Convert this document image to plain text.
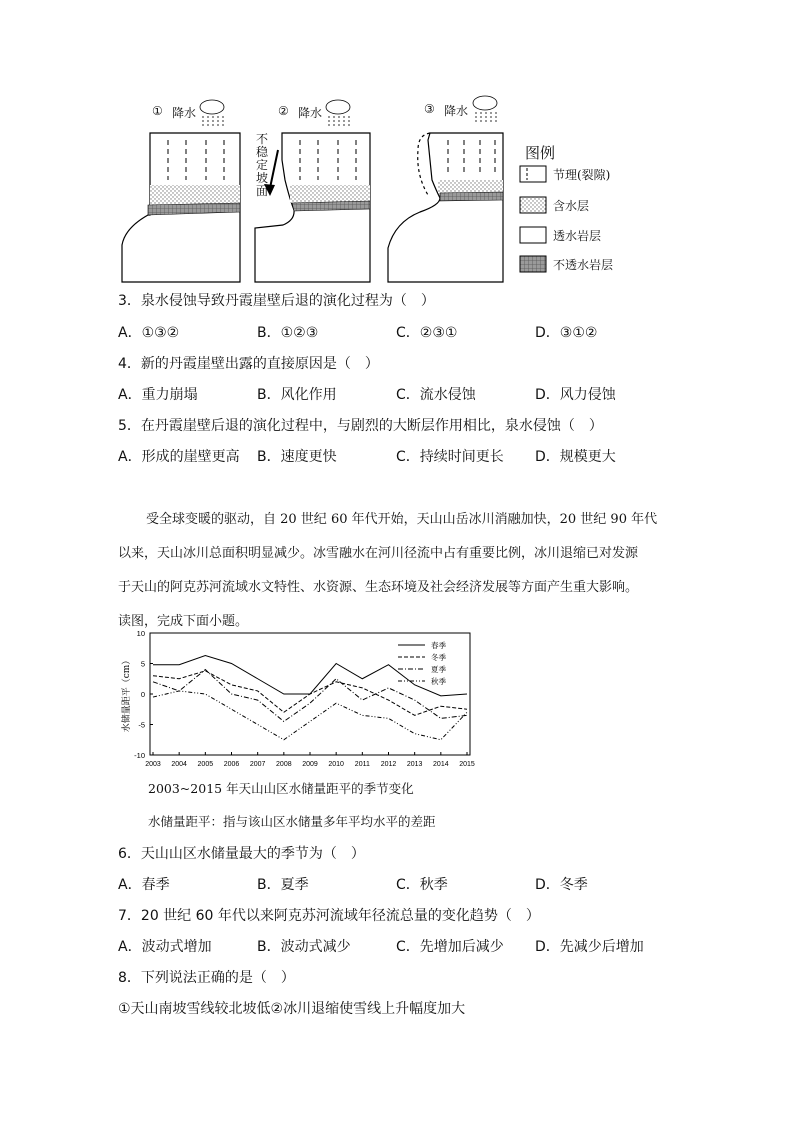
① 降水	② 降水	③ 降水
不稳定坡面
图例
节理(裂隙)
含水层
透水岩层
不透水岩层
3．泉水侵蚀导致丹霞崖壁后退的演化过程为（　）
A．①③②	B．①②③	C．②③①	D．③①②
4．新的丹霞崖壁出露的直接原因是（　）
A．重力崩塌	B．风化作用	C．流水侵蚀	D．风力侵蚀
5．在丹霞崖壁后退的演化过程中，与剧烈的大断层作用相比，泉水侵蚀（　）
A．形成的崖壁更高 B．速度更快	C．持续时间更长 D．规模更大
受全球变暖的驱动，自 20 世纪 60 年代开始，天山山岳冰川消融加快，20 世纪 90 年代
以来，天山冰川总面积明显减少。冰雪融水在河川径流中占有重要比例，冰川退缩已对发源
于天山的阿克苏河流域水文特性、水资源、生态环境及社会经济发展等方面产生重大影响。
读图，完成下面小题。
10
5
0
-5
-10
2003 2004 2005 2006 2007 2008 2009 2010 2011 2012 2013 2014 2015
水储量距平（cm）
春季
冬季
夏季
秋季
2003~2015 年天山山区水储量距平的季节变化
水储量距平：指与该山区水储量多年平均水平的差距
6．天山山区水储量最大的季节为（　）
A．春季	B．夏季	C．秋季	D．冬季
7．20 世纪 60 年代以来阿克苏河流域年径流总量的变化趋势（　）
A．波动式增加	B．波动式减少	C．先增加后减少 D．先减少后增加
8．下列说法正确的是（　）
①天山南坡雪线较北坡低②冰川退缩使雪线上升幅度加大
